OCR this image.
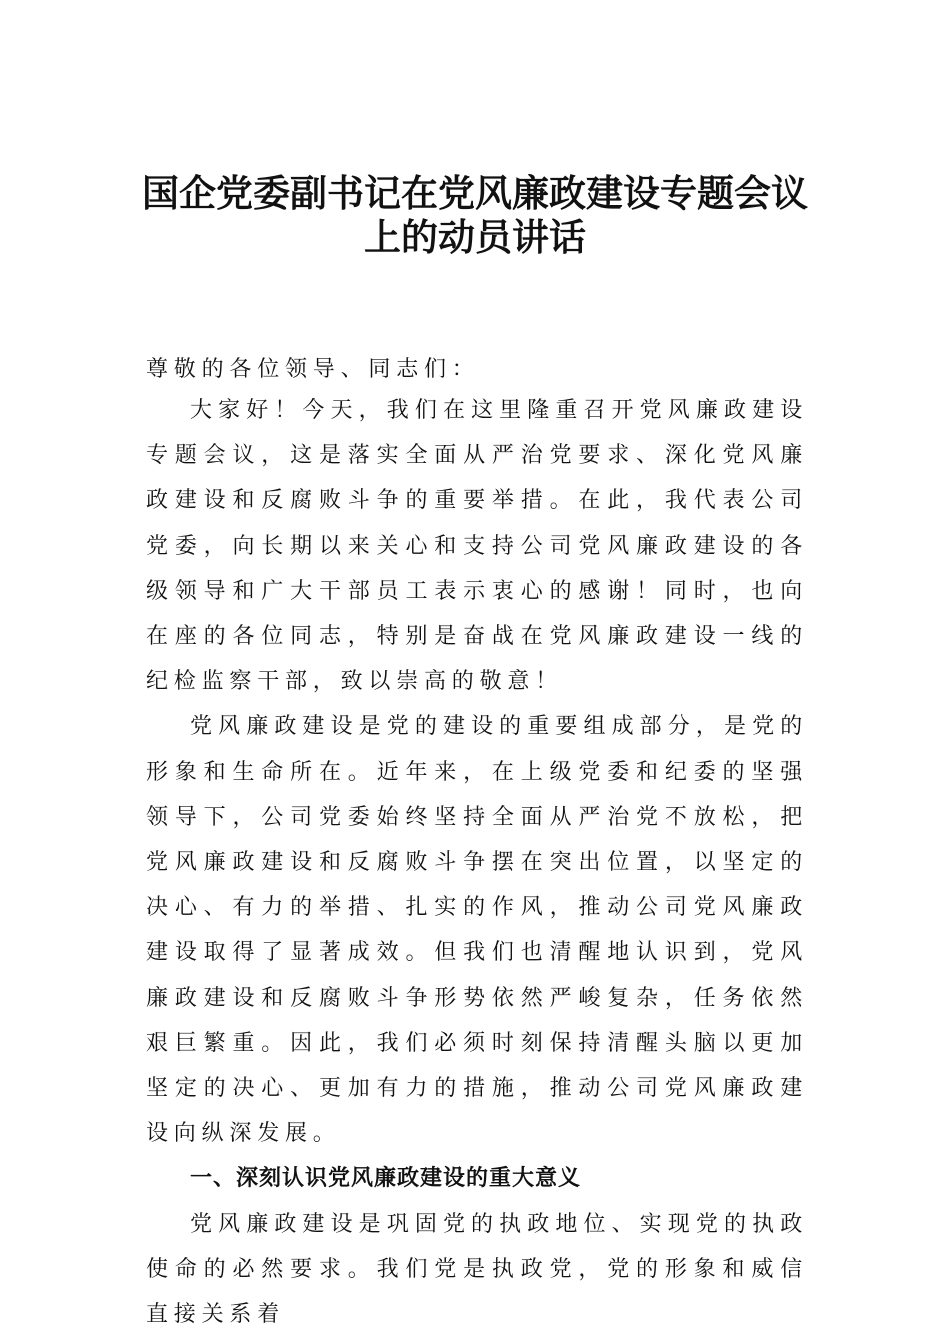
国企党委副书记在党风廉政建设专题会议
上的动员讲话
尊敬的各位领导、同志们：

大家好！今天，我们在这里隆重召开党风廉政建设专题会议，这是落实全面从严治党要求、深化党风廉政建设和反腐败斗争的重要举措。在此，我代表公司党委，向长期以来关心和支持公司党风廉政建设的各级领导和广大干部员工表示衷心的感谢！同时，也向在座的各位同志，特别是奋战在党风廉政建设一线的纪检监察干部，致以崇高的敬意！

党风廉政建设是党的建设的重要组成部分，是党的形象和生命所在。近年来，在上级党委和纪委的坚强领导下，公司党委始终坚持全面从严治党不放松，把党风廉政建设和反腐败斗争摆在突出位置，以坚定的决心、有力的举措、扎实的作风，推动公司党风廉政建设取得了显著成效。但我们也清醒地认识到，党风廉政建设和反腐败斗争形势依然严峻复杂，任务依然艰巨繁重。因此，我们必须时刻保持清醒头脑以更加坚定的决心、更加有力的措施，推动公司党风廉政建设向纵深发展。

一、深刻认识党风廉政建设的重大意义

党风廉政建设是巩固党的执政地位、实现党的执政使命的必然要求。我们党是执政党，党的形象和威信直接关系着
